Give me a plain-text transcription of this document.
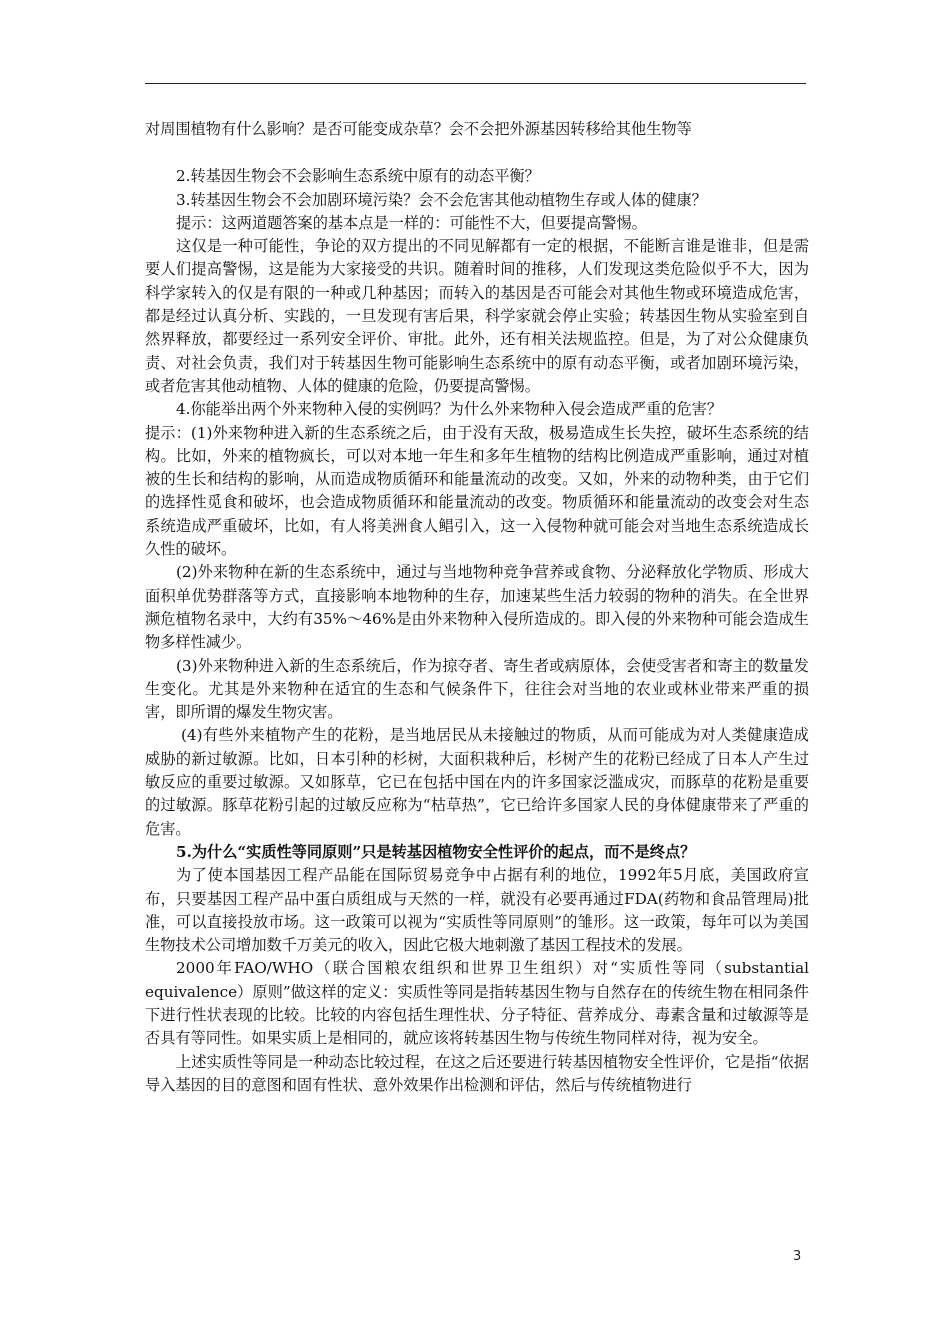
对周围植物有什么影响？是否可能变成杂草？会不会把外源基因转移给其他生物等

2.转基因生物会不会影响生态系统中原有的动态平衡？

3.转基因生物会不会加剧环境污染？会不会危害其他动植物生存或人体的健康？

提示：这两道题答案的基本点是一样的：可能性不大，但要提高警惕。

这仅是一种可能性，争论的双方提出的不同见解都有一定的根据，不能断言谁是谁非，但是需要人们提高警惕，这是能为大家接受的共识。随着时间的推移，人们发现这类危险似乎不大，因为科学家转入的仅是有限的一种或几种基因；而转入的基因是否可能会对其他生物或环境造成危害，都是经过认真分析、实践的，一旦发现有害后果，科学家就会停止实验；转基因生物从实验室到自然界释放，都要经过一系列安全评价、审批。此外，还有相关法规监控。但是，为了对公众健康负责、对社会负责，我们对于转基因生物可能影响生态系统中的原有动态平衡，或者加剧环境污染，或者危害其他动植物、人体的健康的危险，仍要提高警惕。

4.你能举出两个外来物种入侵的实例吗？为什么外来物种入侵会造成严重的危害？

提示：(1)外来物种进入新的生态系统之后，由于没有天敌，极易造成生长失控，破坏生态系统的结构。比如，外来的植物疯长，可以对本地一年生和多年生植物的结构比例造成严重影响，通过对植被的生长和结构的影响，从而造成物质循环和能量流动的改变。又如，外来的动物种类，由于它们的选择性觅食和破坏，也会造成物质循环和能量流动的改变。物质循环和能量流动的改变会对生态系统造成严重破坏，比如，有人将美洲食人鲳引入，这一入侵物种就可能会对当地生态系统造成长久性的破坏。

(2)外来物种在新的生态系统中，通过与当地物种竞争营养或食物、分泌释放化学物质、形成大面积单优势群落等方式，直接影响本地物种的生存，加速某些生活力较弱的物种的消失。在全世界濒危植物名录中，大约有35%～46%是由外来物种入侵所造成的。即入侵的外来物种可能会造成生物多样性减少。

(3)外来物种进入新的生态系统后，作为掠夺者、寄生者或病原体，会使受害者和寄主的数量发生变化。尤其是外来物种在适宜的生态和气候条件下，往往会对当地的农业或林业带来严重的损害，即所谓的爆发生物灾害。

(4)有些外来植物产生的花粉，是当地居民从未接触过的物质，从而可能成为对人类健康造成威胁的新过敏源。比如，日本引种的杉树，大面积栽种后，杉树产生的花粉已经成了日本人产生过敏反应的重要过敏源。又如豚草，它已在包括中国在内的许多国家泛滥成灾，而豚草的花粉是重要的过敏源。豚草花粉引起的过敏反应称为“枯草热”，它已给许多国家人民的身体健康带来了严重的危害。

5.为什么“实质性等同原则”只是转基因植物安全性评价的起点，而不是终点？

为了使本国基因工程产品能在国际贸易竞争中占据有利的地位，1992年5月底，美国政府宣布，只要基因工程产品中蛋白质组成与天然的一样，就没有必要再通过FDA(药物和食品管理局)批准，可以直接投放市场。这一政策可以视为“实质性等同原则”的雏形。这一政策，每年可以为美国生物技术公司增加数千万美元的收入，因此它极大地刺激了基因工程技术的发展。

2000年FAO/WHO（联合国粮农组织和世界卫生组织）对“实质性等同（substantial equivalence）原则”做这样的定义：实质性等同是指转基因生物与自然存在的传统生物在相同条件下进行性状表现的比较。比较的内容包括生理性状、分子特征、营养成分、毒素含量和过敏源等是否具有等同性。如果实质上是相同的，就应该将转基因生物与传统生物同样对待，视为安全。

上述实质性等同是一种动态比较过程，在这之后还要进行转基因植物安全性评价，它是指“依据导入基因的目的意图和固有性状、意外效果作出检测和评估，然后与传统植物进行

3
